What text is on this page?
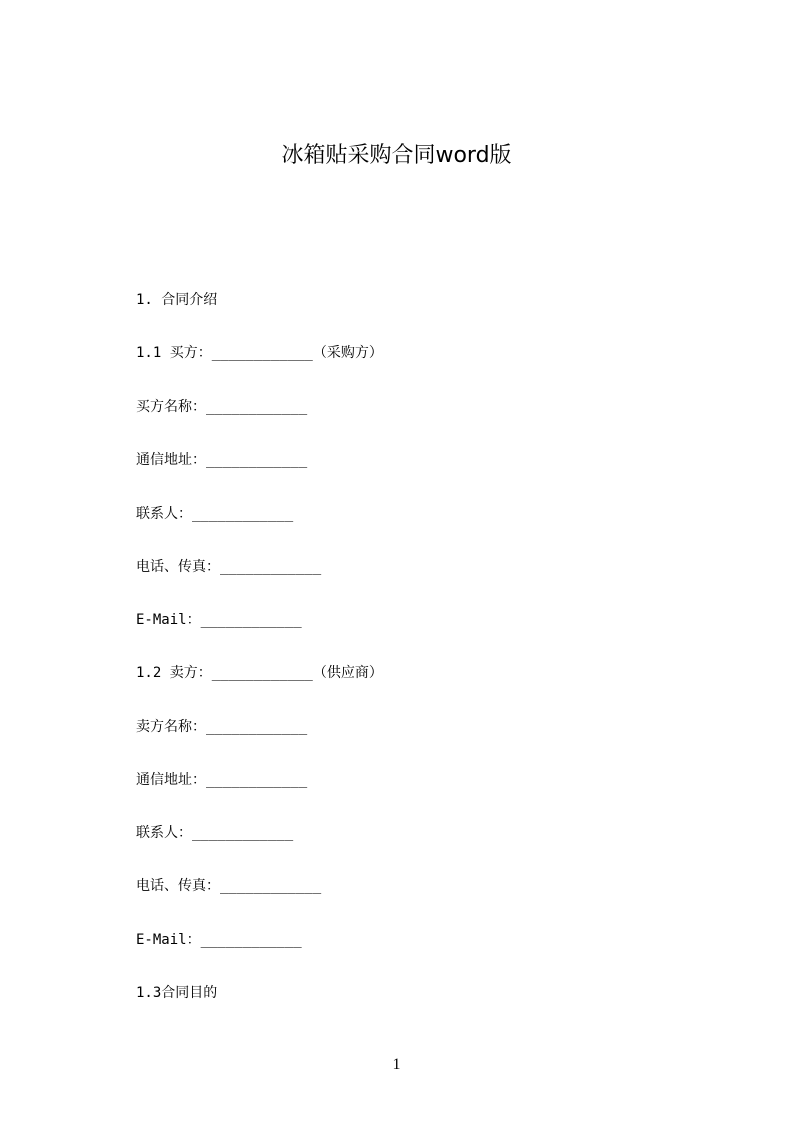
冰箱贴采购合同word版
1. 合同介绍
1.1 买方：____________（采购方）
买方名称：____________
通信地址：____________
联系人：____________
电话、传真：____________
E-Mail：____________
1.2 卖方：____________（供应商）
卖方名称：____________
通信地址：____________
联系人：____________
电话、传真：____________
E-Mail：____________
1.3合同目的
1
